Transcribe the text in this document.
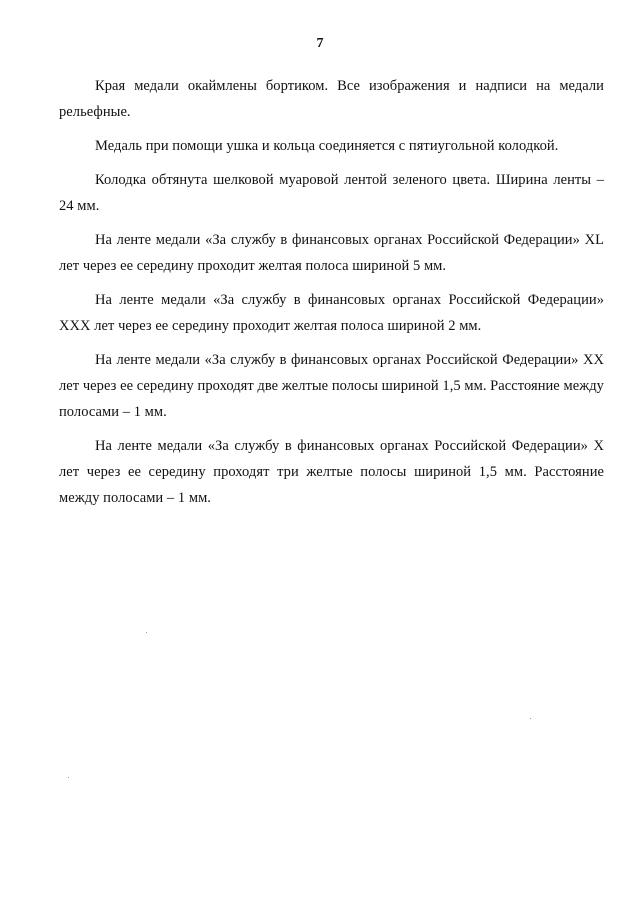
7

Края медали окаймлены бортиком. Все изображения и надписи на медали рельефные.

Медаль при помощи ушка и кольца соединяется с пятиугольной колодкой.

Колодка обтянута шелковой муаровой лентой зеленого цвета. Ширина ленты – 24 мм.

На ленте медали «За службу в финансовых органах Российской Федерации» XL лет через ее середину проходит желтая полоса шириной 5 мм.

На ленте медали «За службу в финансовых органах Российской Федерации» XXX лет через ее середину проходит желтая полоса шириной 2 мм.

На ленте медали «За службу в финансовых органах Российской Федерации» XX лет через ее середину проходят две желтые полосы шириной 1,5 мм. Расстояние между полосами – 1 мм.

На ленте медали «За службу в финансовых органах Российской Федерации» X лет через ее середину проходят три желтые полосы шириной 1,5 мм. Расстояние между полосами – 1 мм.
